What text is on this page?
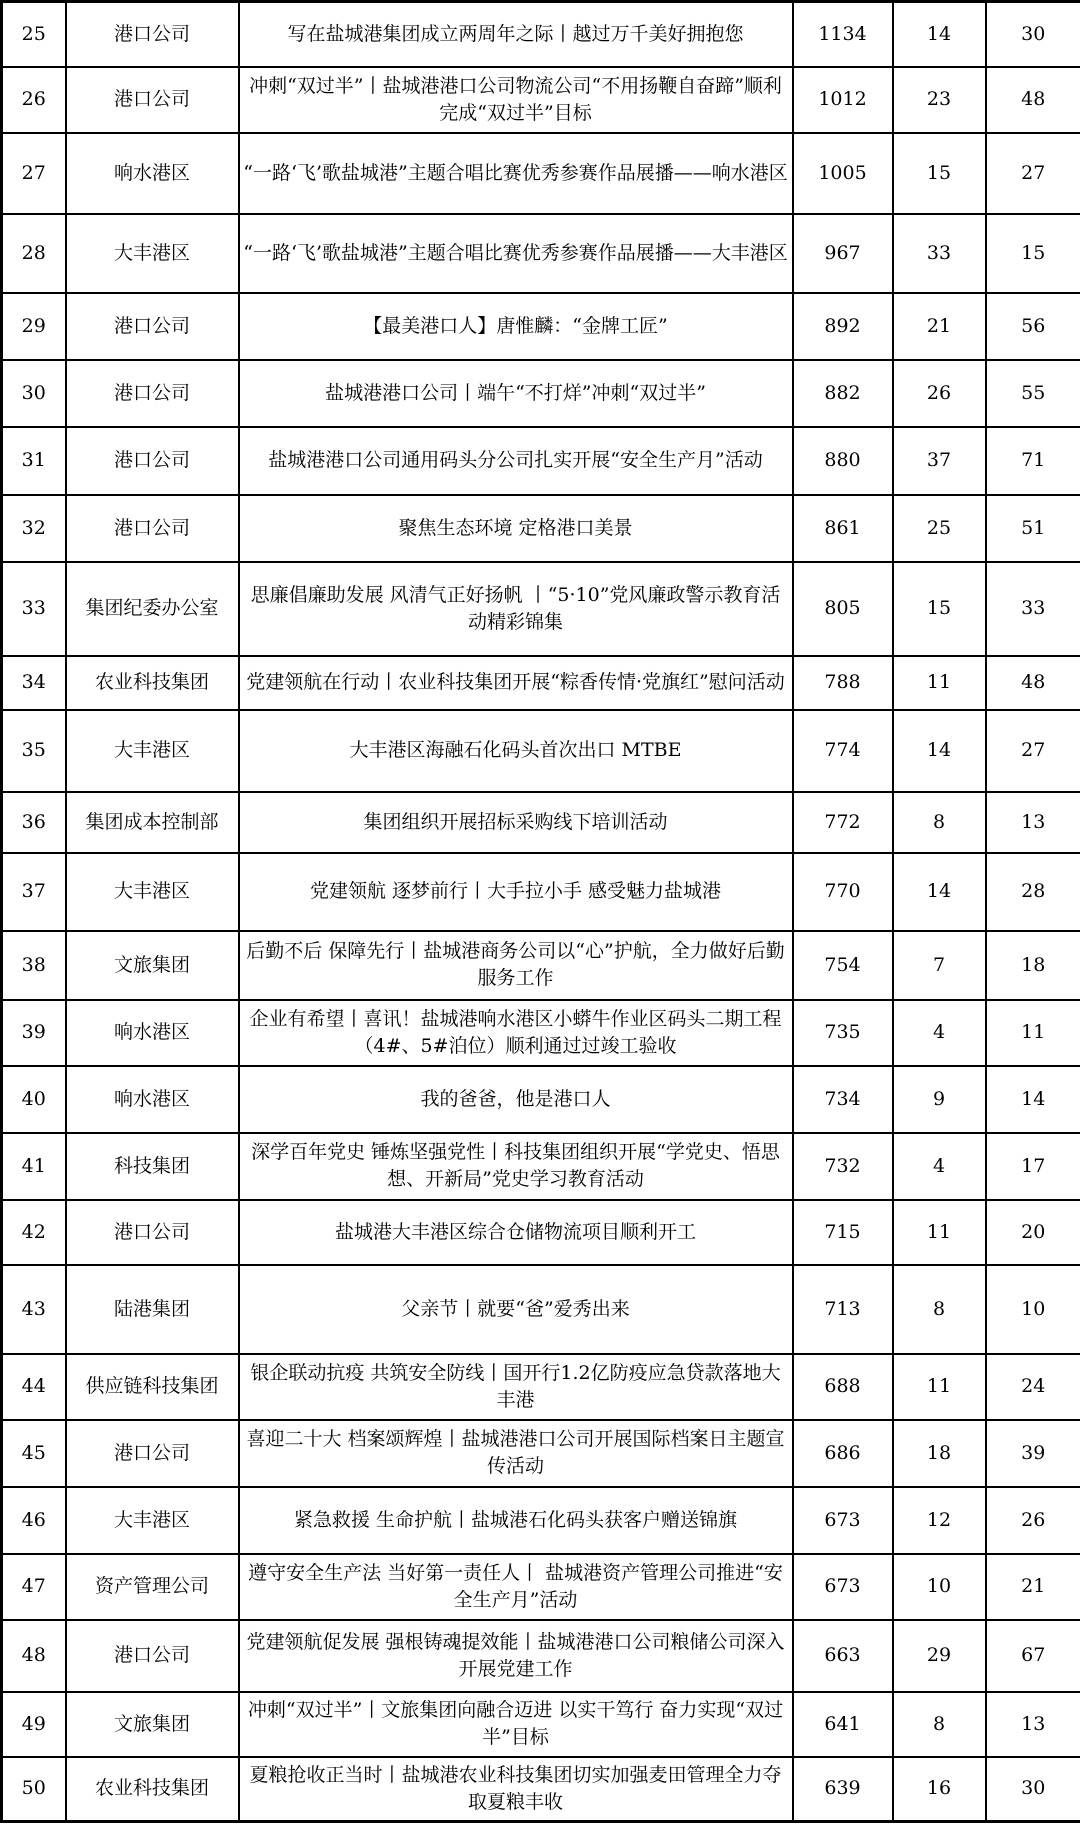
25	港口公司	写在盐城港集团成立两周年之际丨越过万千美好拥抱您	1134	14	30
26	港口公司	冲刺“双过半”丨盐城港港口公司物流公司“不用扬鞭自奋蹄”顺利完成“双过半”目标	1012	23	48
27	响水港区	“一路‘飞’歌盐城港”主题合唱比赛优秀参赛作品展播——响水港区	1005	15	27
28	大丰港区	“一路‘飞’歌盐城港”主题合唱比赛优秀参赛作品展播——大丰港区	967	33	15
29	港口公司	【最美港口人】唐惟麟：“金牌工匠”	892	21	56
30	港口公司	盐城港港口公司丨端午“不打烊”冲刺“双过半”	882	26	55
31	港口公司	盐城港港口公司通用码头分公司扎实开展“安全生产月”活动	880	37	71
32	港口公司	聚焦生态环境 定格港口美景	861	25	51
33	集团纪委办公室	思廉倡廉助发展 风清气正好扬帆 丨“5·10”党风廉政警示教育活动精彩锦集	805	15	33
34	农业科技集团	党建领航在行动丨农业科技集团开展“粽香传情·党旗红”慰问活动	788	11	48
35	大丰港区	大丰港区海融石化码头首次出口 MTBE	774	14	27
36	集团成本控制部	集团组织开展招标采购线下培训活动	772	8	13
37	大丰港区	党建领航 逐梦前行丨大手拉小手 感受魅力盐城港	770	14	28
38	文旅集团	后勤不后 保障先行丨盐城港商务公司以“心”护航，全力做好后勤服务工作	754	7	18
39	响水港区	企业有希望丨喜讯！盐城港响水港区小蟒牛作业区码头二期工程（4#、5#泊位）顺利通过过竣工验收	735	4	11
40	响水港区	我的爸爸，他是港口人	734	9	14
41	科技集团	深学百年党史 锤炼坚强党性丨科技集团组织开展“学党史、悟思想、开新局”党史学习教育活动	732	4	17
42	港口公司	盐城港大丰港区综合仓储物流项目顺利开工	715	11	20
43	陆港集团	父亲节丨就要“爸”爱秀出来	713	8	10
44	供应链科技集团	银企联动抗疫 共筑安全防线丨国开行1.2亿防疫应急贷款落地大丰港	688	11	24
45	港口公司	喜迎二十大 档案颂辉煌丨盐城港港口公司开展国际档案日主题宣传活动	686	18	39
46	大丰港区	紧急救援 生命护航丨盐城港石化码头获客户赠送锦旗	673	12	26
47	资产管理公司	遵守安全生产法 当好第一责任人丨 盐城港资产管理公司推进“安全生产月”活动	673	10	21
48	港口公司	党建领航促发展 强根铸魂提效能丨盐城港港口公司粮储公司深入开展党建工作	663	29	67
49	文旅集团	冲刺“双过半”丨文旅集团向融合迈进 以实干笃行 奋力实现“双过半”目标	641	8	13
50	农业科技集团	夏粮抢收正当时丨盐城港农业科技集团切实加强麦田管理全力夺取夏粮丰收	639	16	30
